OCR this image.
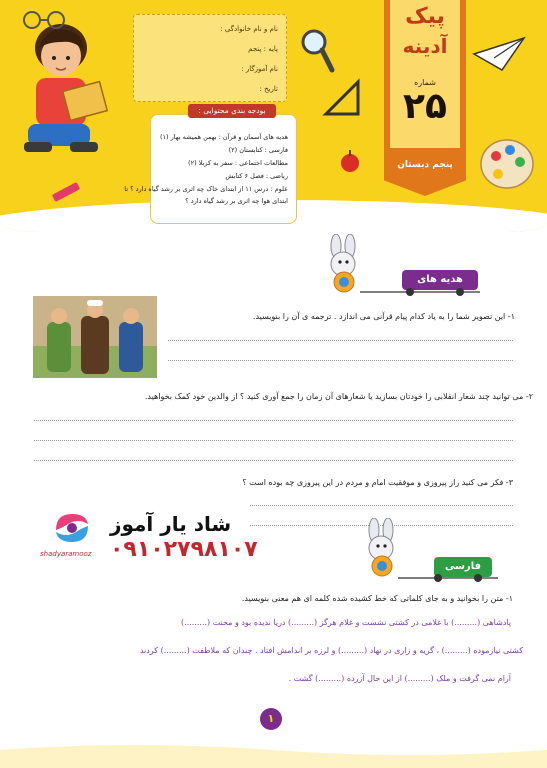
نام و نام خانوادگی :
پایه : پنجم
نام آموزگار :
تاریخ :
هدیه های آسمان و قرآن : بهمن همیشه بهار (۱)
فارسی : کتابستان (۲)
مطالعات اجتماعی : سفر به کربلا (۲)
ریاضی : فصل ۶ کتابش
علوم : درس ۱۱ از ابتدای خاک چه اثری بر رشد گیاه دارد ؟ تا
ابتدای هوا چه اثری بر رشد گیاه دارد ؟
بودجه بندی محتوایی :
پیک
آدینه
شماره
۲۵
پنجم دبستان
هدیه های آسمان
۱- این تصویر شما را به یاد کدام پیام قرآنی می اندازد . ترجمه ی آن را بنویسید.
۲- می توانید چند شعار انقلابی را خودتان بسازید یا شعارهای آن زمان را جمع آوری کنید ؟ از والدین خود کمک بخواهید.
۳- فکر می کنید راز پیروزی و موفقیت امام و مردم در این پیروزی چه بوده است ؟
شاد یار آموز
shadyaramooz ۰۹۱۰۲۷۹۸۱۰۷
فارسی
۱- متن را بخوانید و به جای کلماتی که خط کشیده شده کلمه ای هم معنی بنویسید.
پادشاهی (.........) با غلامی در کشتی نشست و غلام هرگز (.........) دریا ندیده بود و محنت (.........)
کشتی نیازموده (.........) ، گریه و زاری در نهاد (.........) و لرزه بر اندامش افتاد . چندان که ملاطفت (.........) کردند
آرام نمی گرفت و ملک (.........) از این حال آزرده (.........) گشت .
۱
